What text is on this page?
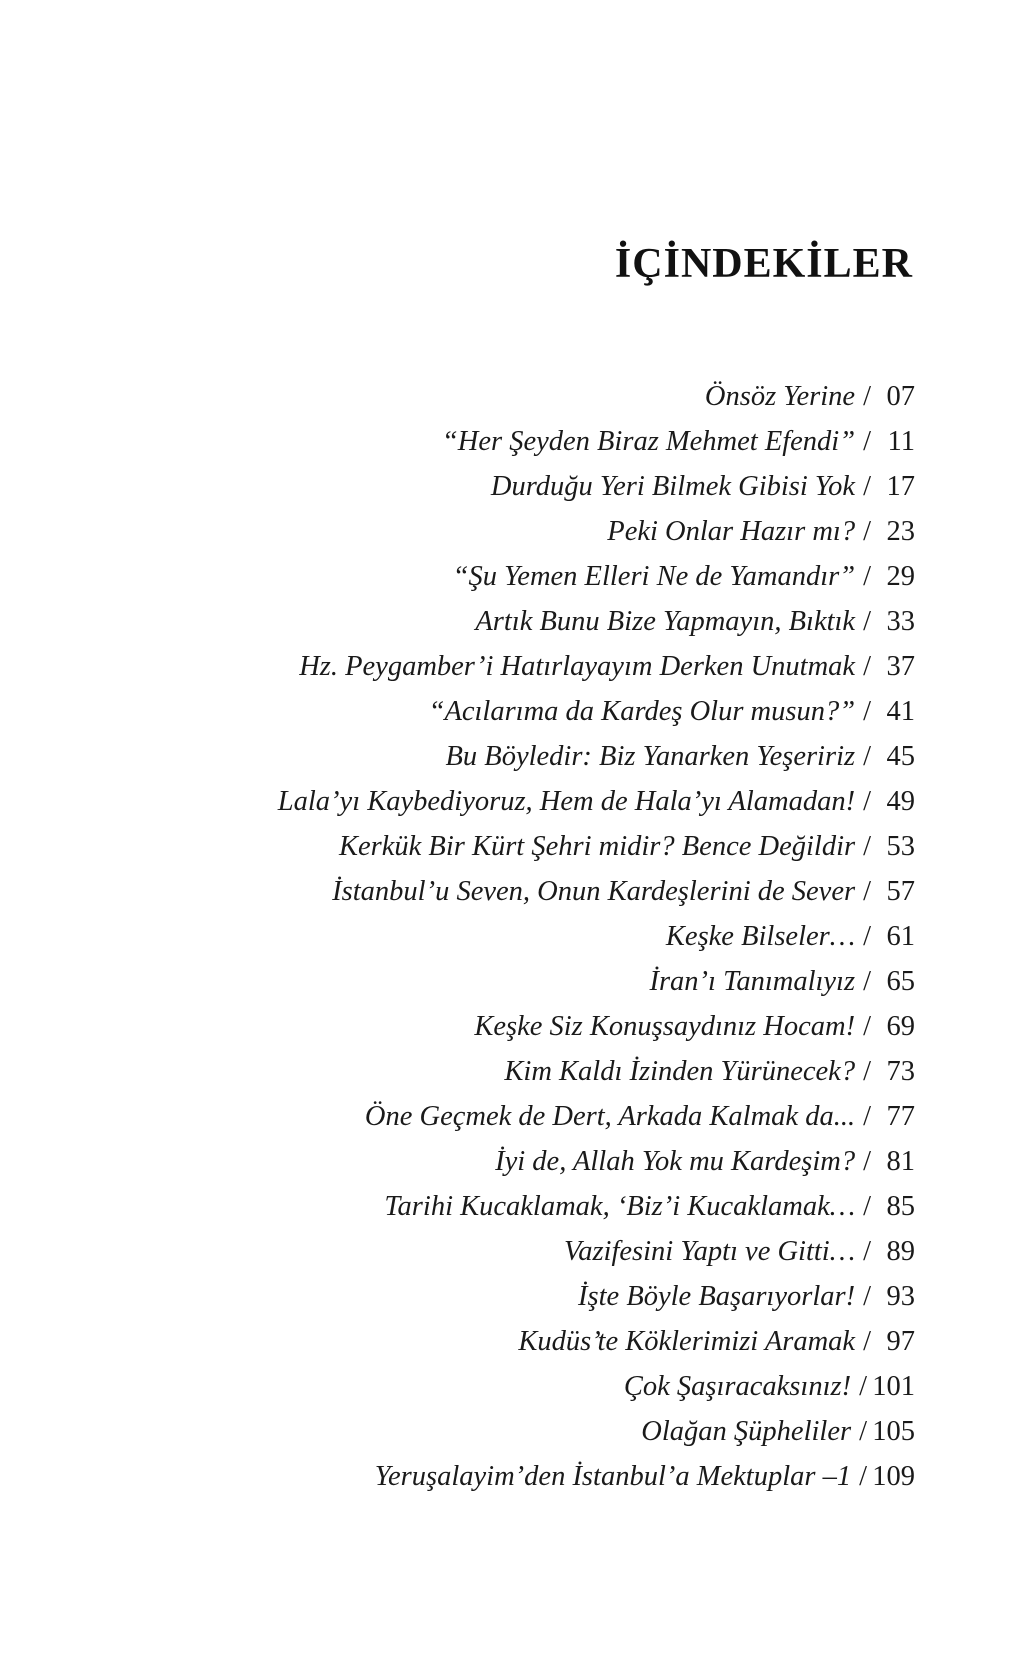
İÇİNDEKİLER
Önsöz Yerine / 07
“Her Şeyden Biraz Mehmet Efendi” / 11
Durduğu Yeri Bilmek Gibisi Yok / 17
Peki Onlar Hazır mı? / 23
“Şu Yemen Elleri Ne de Yamandır” / 29
Artık Bunu Bize Yapmayın, Bıktık / 33
Hz. Peygamber’i Hatırlayayım Derken Unutmak / 37
“Acılarıma da Kardeş Olur musun?” / 41
Bu Böyledir: Biz Yanarken Yeşeririz / 45
Lala’yı Kaybediyoruz, Hem de Hala’yı Alamadan! / 49
Kerkük Bir Kürt Şehri midir? Bence Değildir / 53
İstanbul’u Seven, Onun Kardeşlerini de Sever / 57
Keşke Bilseler… / 61
İran’ı Tanımalıyız / 65
Keşke Siz Konuşsaydınız Hocam! / 69
Kim Kaldı İzinden Yürünecek? / 73
Öne Geçmek de Dert, Arkada Kalmak da... / 77
İyi de, Allah Yok mu Kardeşim? / 81
Tarihi Kucaklamak, ‘Biz’i Kucaklamak… / 85
Vazifesini Yaptı ve Gitti… / 89
İşte Böyle Başarıyorlar! / 93
Kudüs’te Köklerimizi Aramak / 97
Çok Şaşıracaksınız! / 101
Olağan Şüpheliler / 105
Yeruşalayim’den İstanbul’a Mektuplar –1 / 109
